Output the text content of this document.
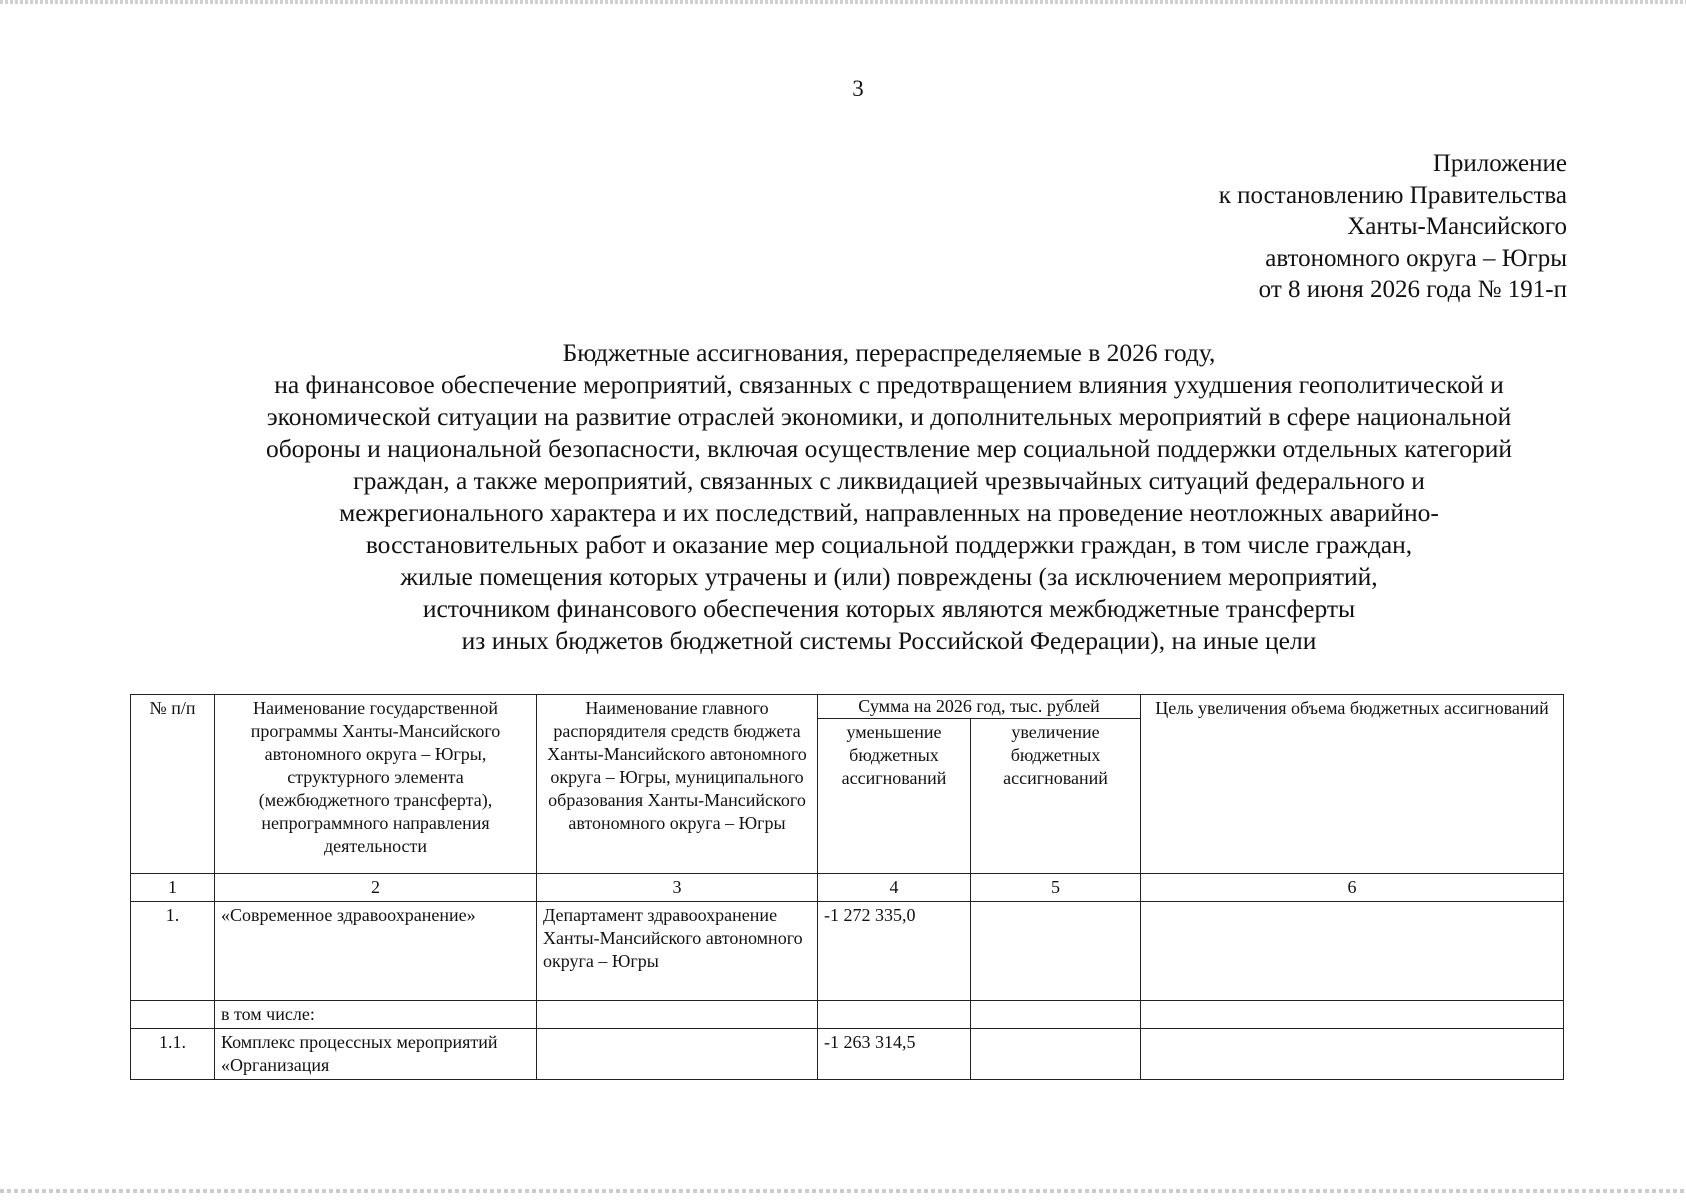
3
Приложение
к постановлению Правительства
Ханты-Мансийского
автономного округа – Югры
от 8 июня 2026 года № 191-п
Бюджетные ассигнования, перераспределяемые в 2026 году,
на финансовое обеспечение мероприятий, связанных с предотвращением влияния ухудшения геополитической и
экономической ситуации на развитие отраслей экономики, и дополнительных мероприятий в сфере национальной
обороны и национальной безопасности, включая осуществление мер социальной поддержки отдельных категорий
граждан, а также мероприятий, связанных с ликвидацией чрезвычайных ситуаций федерального и
межрегионального характера и их последствий, направленных на проведение неотложных аварийно-
восстановительных работ и оказание мер социальной поддержки граждан, в том числе граждан,
жилые помещения которых утрачены и (или) повреждены (за исключением мероприятий,
источником финансового обеспечения которых являются межбюджетные трансферты
из иных бюджетов бюджетной системы Российской Федерации), на иные цели
№ п/п	Наименование государственной программы Ханты-Мансийского автономного округа – Югры, структурного элемента (межбюджетного трансферта), непрограммного направления деятельности	Наименование главного распорядителя средств бюджета Ханты-Мансийского автономного округа – Югры, муниципального образования Ханты-Мансийского автономного округа – Югры	Сумма на 2026 год, тыс. рублей		Цель увеличения объема бюджетных ассигнований
			уменьшение бюджетных ассигнований	увеличение бюджетных ассигнований	
1	2	3	4	5	6
1.	«Современное здравоохранение»	Департамент здравоохранение Ханты-Мансийского автономного округа – Югры	-1 272 335,0		
	в том числе:				
1.1.	Комплекс процессных мероприятий «Организация		-1 263 314,5		
